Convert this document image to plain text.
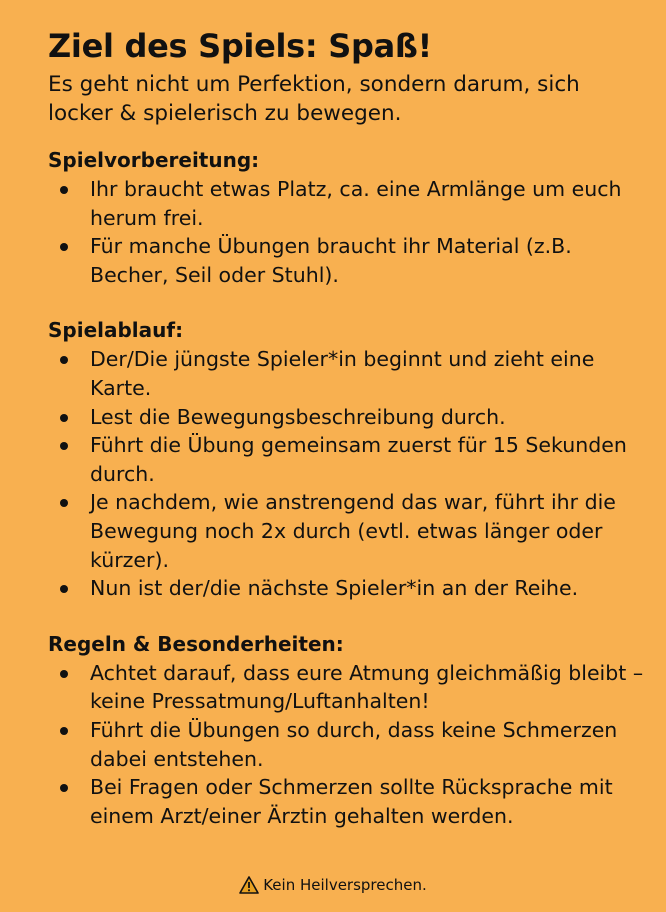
Ziel des Spiels: Spaß!

Es geht nicht um Perfektion, sondern darum, sich locker & spielerisch zu bewegen.

Spielvorbereitung:
Ihr braucht etwas Platz, ca. eine Armlänge um euch herum frei.
Für manche Übungen braucht ihr Material (z.B. Becher, Seil oder Stuhl).
Spielablauf:
Der/Die jüngste Spieler*in beginnt und zieht eine Karte.
Lest die Bewegungsbeschreibung durch.
Führt die Übung gemeinsam zuerst für 15 Sekunden durch.
Je nachdem, wie anstrengend das war, führt ihr die Bewegung noch 2x durch (evtl. etwas länger oder kürzer).
Nun ist der/die nächste Spieler*in an der Reihe.
Regeln & Besonderheiten:
Achtet darauf, dass eure Atmung gleichmäßig bleibt – keine Pressatmung/Luftanhalten!
Führt die Übungen so durch, dass keine Schmerzen dabei entstehen.
Bei Fragen oder Schmerzen sollte Rücksprache mit einem Arzt/einer Ärztin gehalten werden.
Kein Heilversprechen.
